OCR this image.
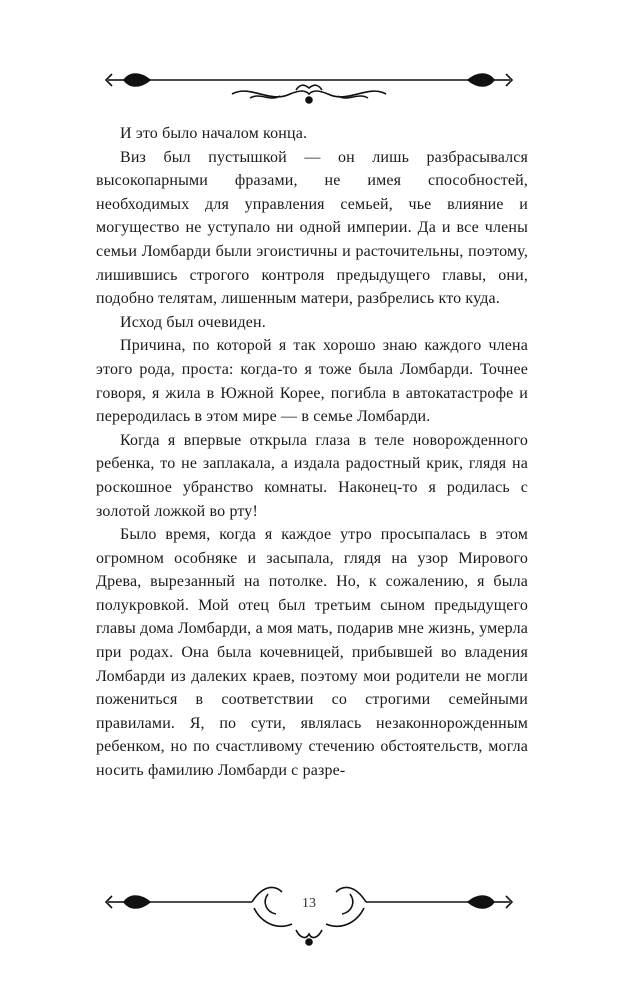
И это было началом конца.

Виз был пустышкой — он лишь разбрасывался высокопарными фразами, не имея способностей, необходимых для управления семьей, чье влияние и могущество не уступало ни одной империи. Да и все члены семьи Ломбарди были эгоистичны и расточительны, поэтому, лишившись строгого контроля предыдущего главы, они, подобно телятам, лишенным матери, разбрелись кто куда.

Исход был очевиден.

Причина, по которой я так хорошо знаю каждого члена этого рода, проста: когда-то я тоже была Ломбарди. Точнее говоря, я жила в Южной Корее, погибла в автокатастрофе и переродилась в этом мире — в семье Ломбарди.

Когда я впервые открыла глаза в теле новорожденного ребенка, то не заплакала, а издала радостный крик, глядя на роскошное убранство комнаты. Наконец-то я родилась с золотой ложкой во рту!

Было время, когда я каждое утро просыпалась в этом огромном особняке и засыпала, глядя на узор Мирового Древа, вырезанный на потолке. Но, к сожалению, я была полукровкой. Мой отец был третьим сыном предыдущего главы дома Ломбарди, а моя мать, подарив мне жизнь, умерла при родах. Она была кочевницей, прибывшей во владения Ломбарди из далеких краев, поэтому мои родители не могли пожениться в соответствии со строгими семейными правилами. Я, по сути, являлась незаконнорожденным ребенком, но по счастливому стечению обстоятельств, могла носить фамилию Ломбарди с разре-

13
